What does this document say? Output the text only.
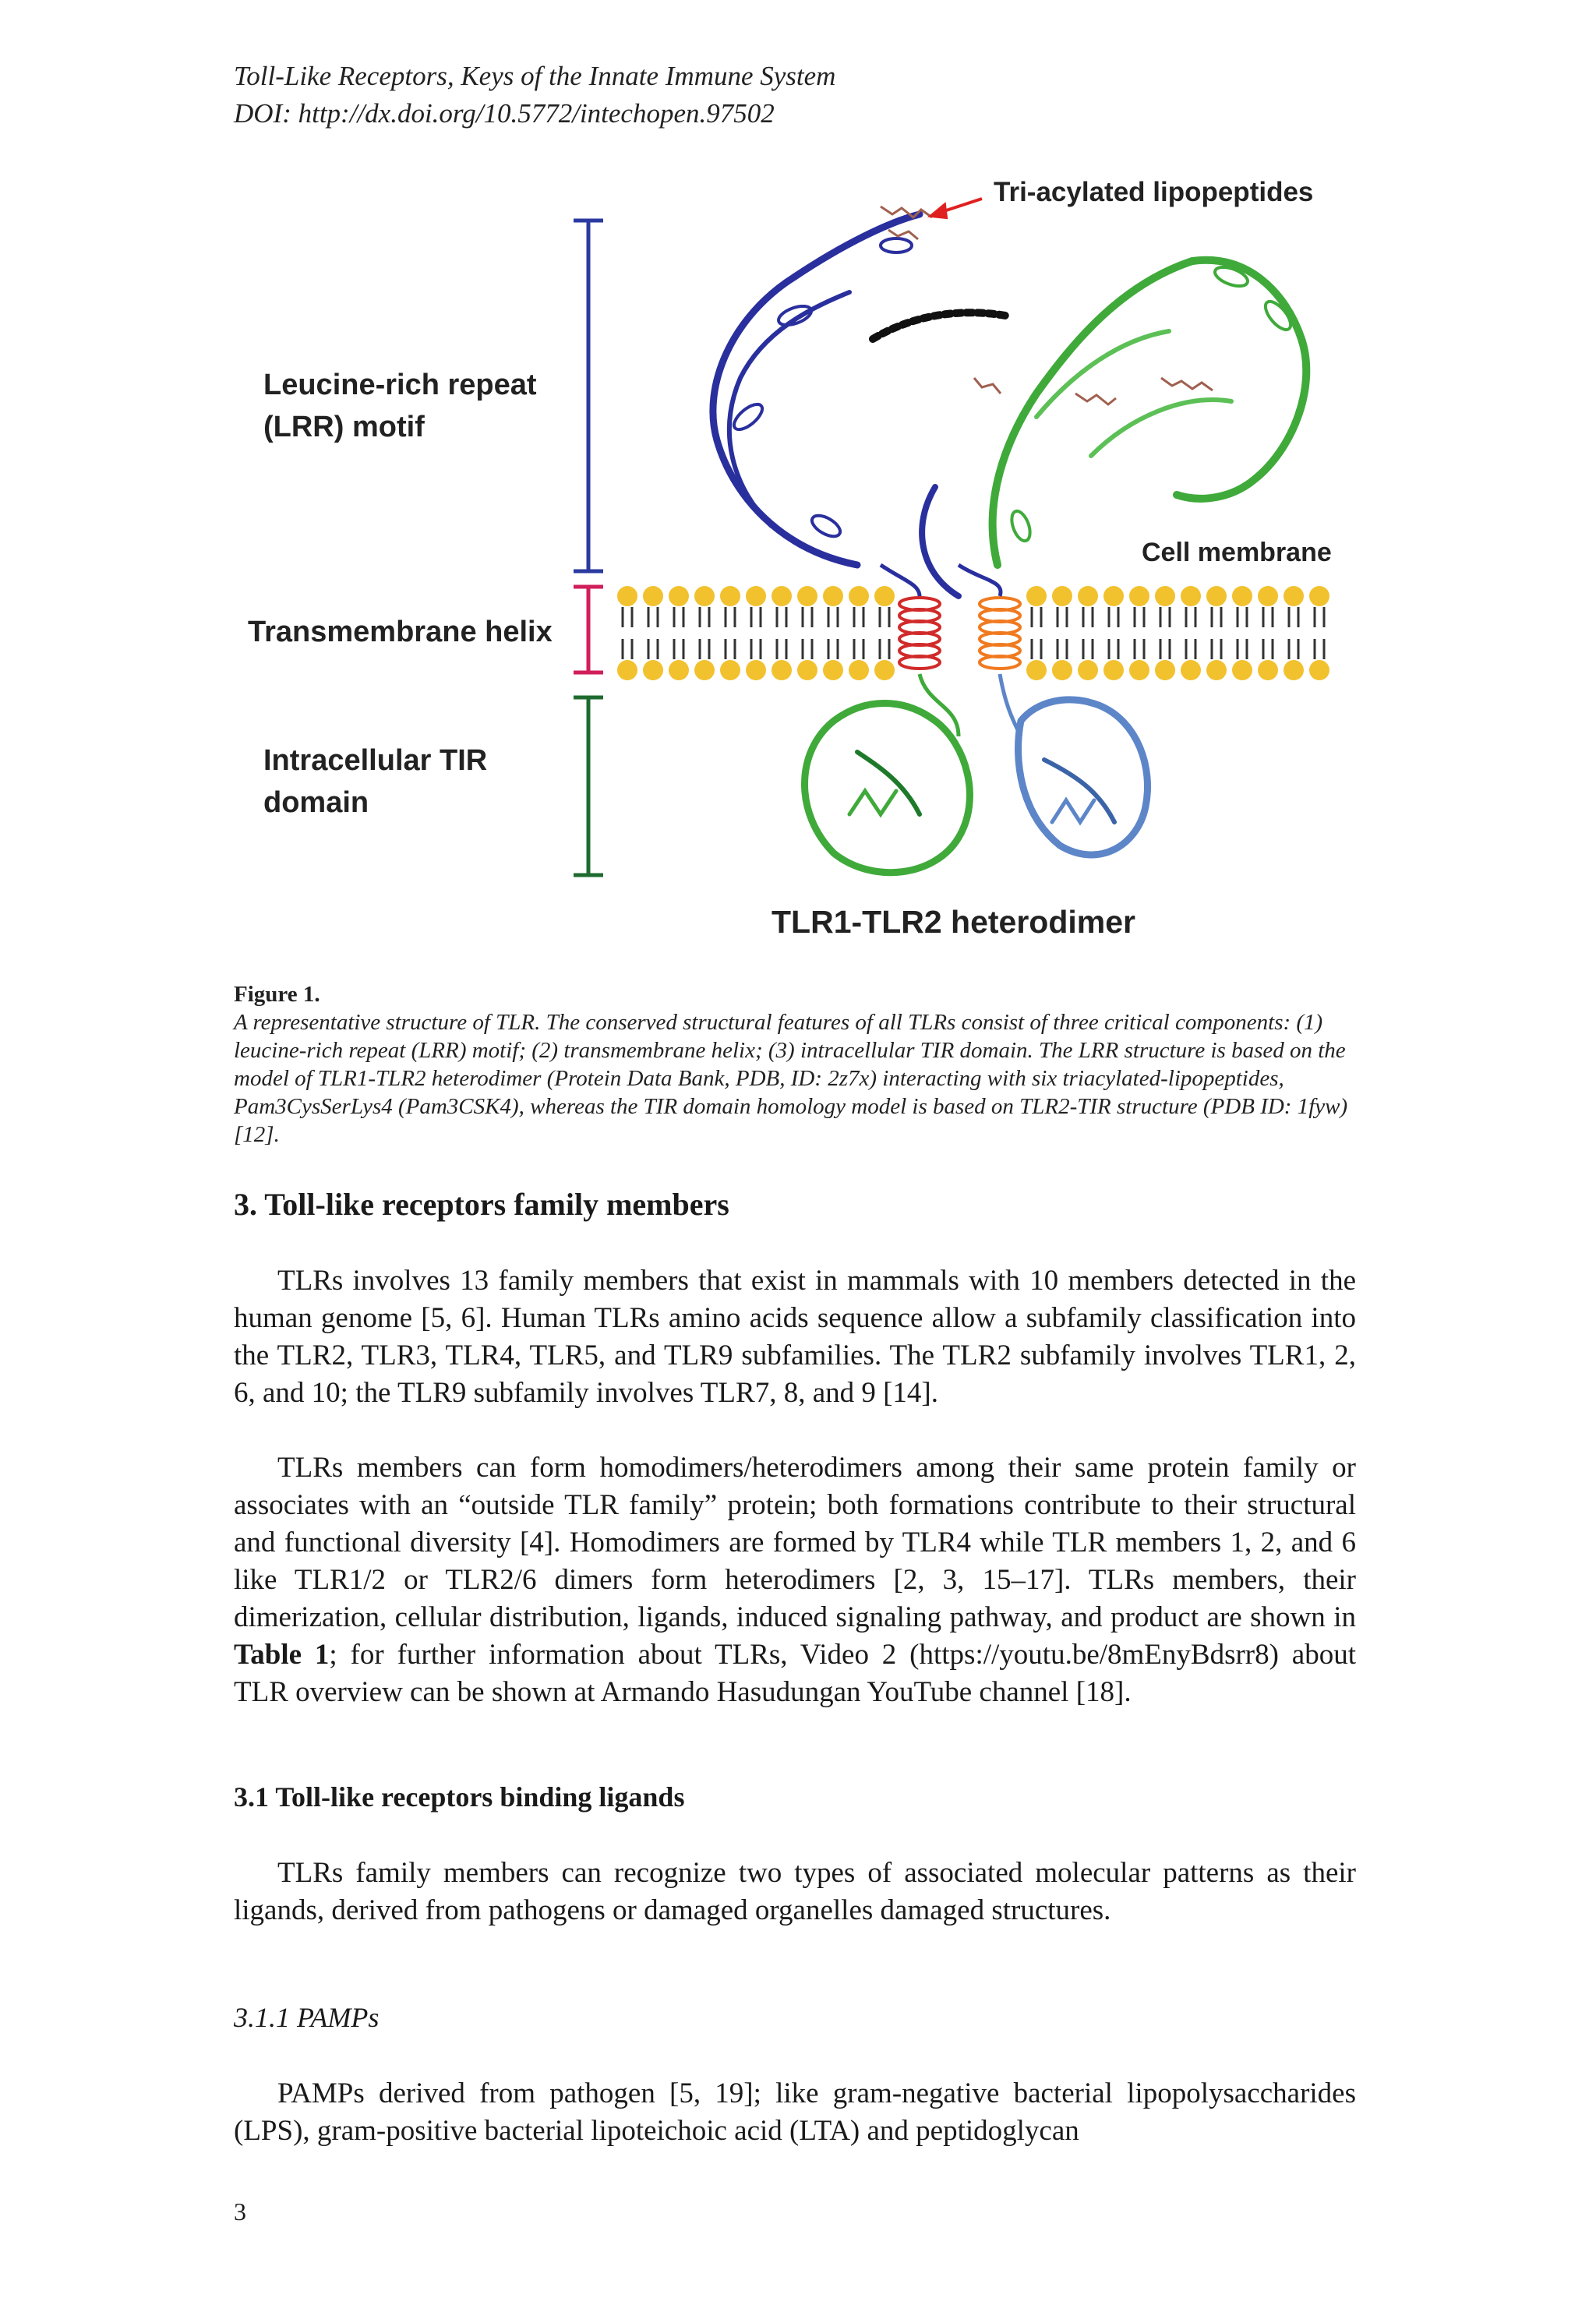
Toll-Like Receptors, Keys of the Innate Immune System
DOI: http://dx.doi.org/10.5772/intechopen.97502
Tri-acylated lipopeptides
Leucine-rich repeat
(LRR) motif
Cell membrane
Transmembrane helix
Intracellular TIR
domain
TLR1-TLR2 heterodimer
Figure 1.
A representative structure of TLR. The conserved structural features of all TLRs consist of three critical components: (1) leucine-rich repeat (LRR) motif; (2) transmembrane helix; (3) intracellular TIR domain. The LRR structure is based on the model of TLR1-TLR2 heterodimer (Protein Data Bank, PDB, ID: 2z7x) interacting with six triacylated-lipopeptides, Pam3CysSerLys4 (Pam3CSK4), whereas the TIR domain homology model is based on TLR2-TIR structure (PDB ID: 1fyw) [12].
3. Toll-like receptors family members
TLRs involves 13 family members that exist in mammals with 10 members detected in the human genome [5, 6]. Human TLRs amino acids sequence allow a subfamily classification into the TLR2, TLR3, TLR4, TLR5, and TLR9 subfamilies. The TLR2 subfamily involves TLR1, 2, 6, and 10; the TLR9 subfamily involves TLR7, 8, and 9 [14].
TLRs members can form homodimers/heterodimers among their same protein family or associates with an “outside TLR family” protein; both formations contribute to their structural and functional diversity [4]. Homodimers are formed by TLR4 while TLR members 1, 2, and 6 like TLR1/2 or TLR2/6 dimers form heterodimers [2, 3, 15–17]. TLRs members, their dimerization, cellular distribution, ligands, induced signaling pathway, and product are shown in Table 1; for further information about TLRs, Video 2 (https://youtu.be/8mEnyBdsrr8) about TLR overview can be shown at Armando Hasudungan YouTube channel [18].
3.1 Toll-like receptors binding ligands
TLRs family members can recognize two types of associated molecular patterns as their ligands, derived from pathogens or damaged organelles damaged structures.
3.1.1 PAMPs
PAMPs derived from pathogen [5, 19]; like gram-negative bacterial lipopolysaccharides (LPS), gram-positive bacterial lipoteichoic acid (LTA) and peptidoglycan
3
